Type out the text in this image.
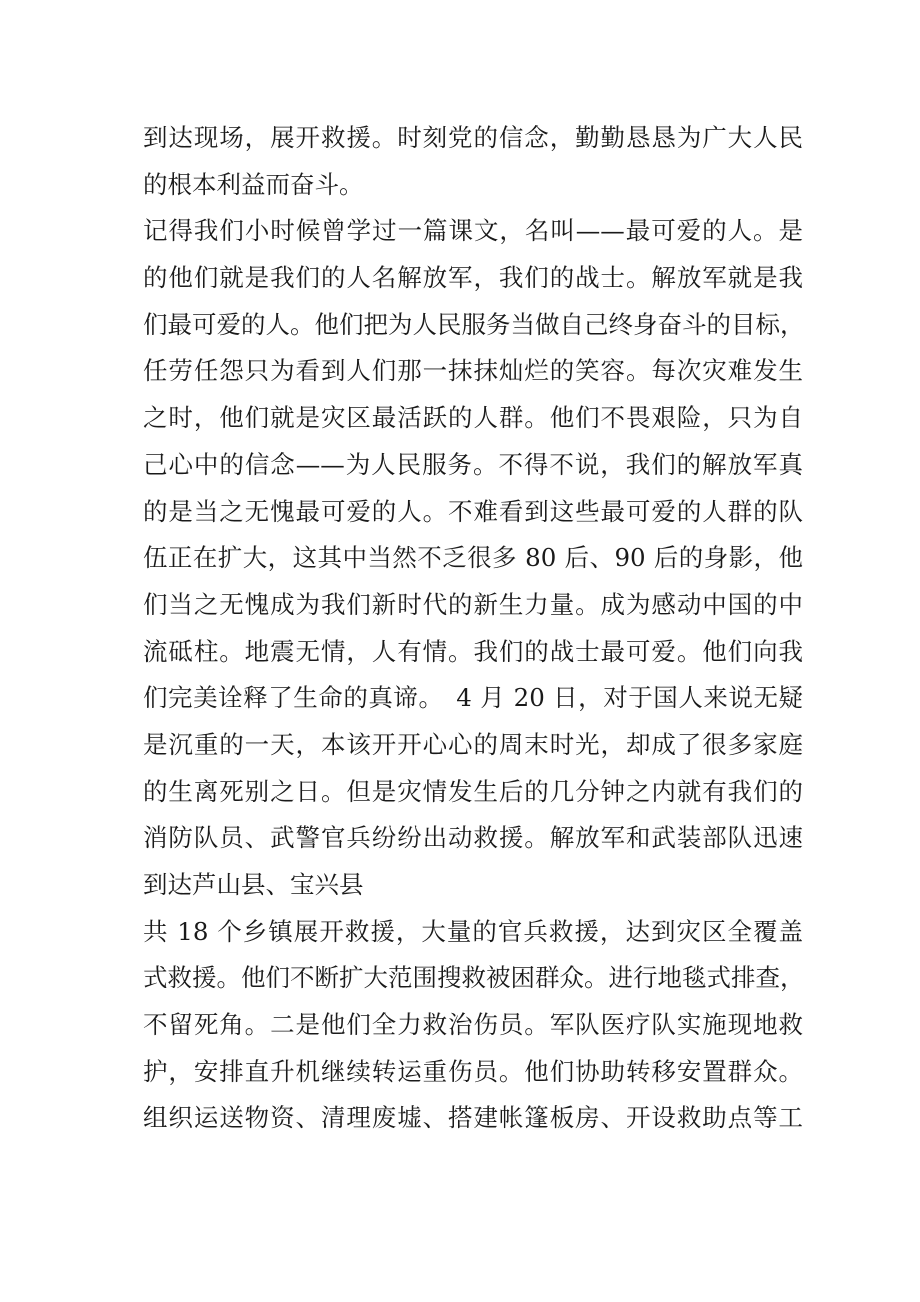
到达现场，展开救援。时刻党的信念，勤勤恳恳为广大人民
的根本利益而奋斗。
记得我们小时候曾学过一篇课文，名叫——最可爱的人。是
的他们就是我们的人名解放军，我们的战士。解放军就是我
们最可爱的人。他们把为人民服务当做自己终身奋斗的目标，
任劳任怨只为看到人们那一抹抹灿烂的笑容。每次灾难发生
之时，他们就是灾区最活跃的人群。他们不畏艰险，只为自
己心中的信念——为人民服务。不得不说，我们的解放军真
的是当之无愧最可爱的人。不难看到这些最可爱的人群的队
伍正在扩大，这其中当然不乏很多 80 后、90 后的身影，他
们当之无愧成为我们新时代的新生力量。成为感动中国的中
流砥柱。地震无情，人有情。我们的战士最可爱。他们向我
们完美诠释了生命的真谛。　4 月 20 日，对于国人来说无疑
是沉重的一天，本该开开心心的周末时光，却成了很多家庭
的生离死别之日。但是灾情发生后的几分钟之内就有我们的
消防队员、武警官兵纷纷出动救援。解放军和武装部队迅速
到达芦山县、宝兴县
共 18 个乡镇展开救援，大量的官兵救援，达到灾区全覆盖
式救援。他们不断扩大范围搜救被困群众。进行地毯式排查，
不留死角。二是他们全力救治伤员。军队医疗队实施现地救
护，安排直升机继续转运重伤员。他们协助转移安置群众。
组织运送物资、清理废墟、搭建帐篷板房、开设救助点等工
